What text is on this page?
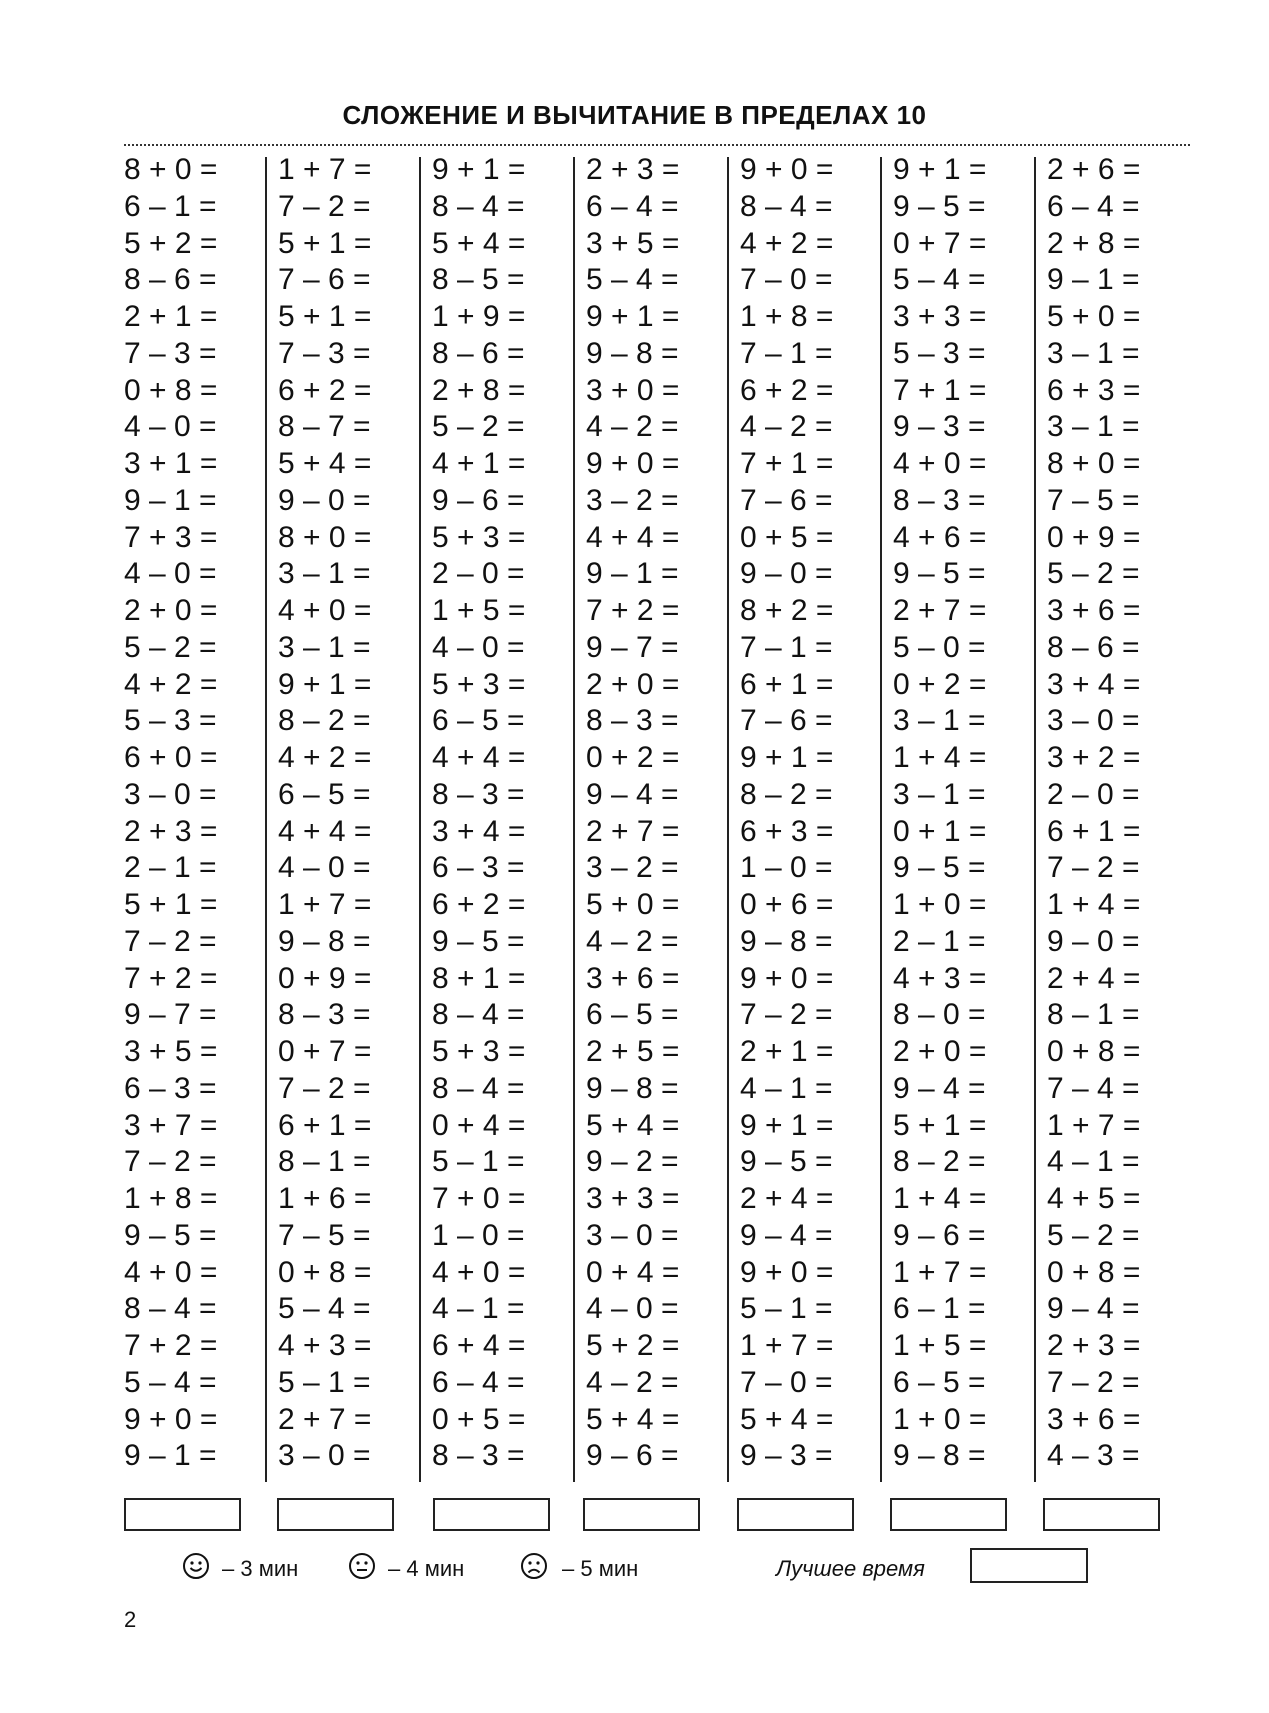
СЛОЖЕНИЕ И ВЫЧИТАНИЕ В ПРЕДЕЛАХ 10
8 + 0 =
6 – 1 =
5 + 2 =
8 – 6 =
2 + 1 =
7 – 3 =
0 + 8 =
4 – 0 =
3 + 1 =
9 – 1 =
7 + 3 =
4 – 0 =
2 + 0 =
5 – 2 =
4 + 2 =
5 – 3 =
6 + 0 =
3 – 0 =
2 + 3 =
2 – 1 =
5 + 1 =
7 – 2 =
7 + 2 =
9 – 7 =
3 + 5 =
6 – 3 =
3 + 7 =
7 – 2 =
1 + 8 =
9 – 5 =
4 + 0 =
8 – 4 =
7 + 2 =
5 – 4 =
9 + 0 =
9 – 1 =
1 + 7 =
7 – 2 =
5 + 1 =
7 – 6 =
5 + 1 =
7 – 3 =
6 + 2 =
8 – 7 =
5 + 4 =
9 – 0 =
8 + 0 =
3 – 1 =
4 + 0 =
3 – 1 =
9 + 1 =
8 – 2 =
4 + 2 =
6 – 5 =
4 + 4 =
4 – 0 =
1 + 7 =
9 – 8 =
0 + 9 =
8 – 3 =
0 + 7 =
7 – 2 =
6 + 1 =
8 – 1 =
1 + 6 =
7 – 5 =
0 + 8 =
5 – 4 =
4 + 3 =
5 – 1 =
2 + 7 =
3 – 0 =
9 + 1 =
8 – 4 =
5 + 4 =
8 – 5 =
1 + 9 =
8 – 6 =
2 + 8 =
5 – 2 =
4 + 1 =
9 – 6 =
5 + 3 =
2 – 0 =
1 + 5 =
4 – 0 =
5 + 3 =
6 – 5 =
4 + 4 =
8 – 3 =
3 + 4 =
6 – 3 =
6 + 2 =
9 – 5 =
8 + 1 =
8 – 4 =
5 + 3 =
8 – 4 =
0 + 4 =
5 – 1 =
7 + 0 =
1 – 0 =
4 + 0 =
4 – 1 =
6 + 4 =
6 – 4 =
0 + 5 =
8 – 3 =
2 + 3 =
6 – 4 =
3 + 5 =
5 – 4 =
9 + 1 =
9 – 8 =
3 + 0 =
4 – 2 =
9 + 0 =
3 – 2 =
4 + 4 =
9 – 1 =
7 + 2 =
9 – 7 =
2 + 0 =
8 – 3 =
0 + 2 =
9 – 4 =
2 + 7 =
3 – 2 =
5 + 0 =
4 – 2 =
3 + 6 =
6 – 5 =
2 + 5 =
9 – 8 =
5 + 4 =
9 – 2 =
3 + 3 =
3 – 0 =
0 + 4 =
4 – 0 =
5 + 2 =
4 – 2 =
5 + 4 =
9 – 6 =
9 + 0 =
8 – 4 =
4 + 2 =
7 – 0 =
1 + 8 =
7 – 1 =
6 + 2 =
4 – 2 =
7 + 1 =
7 – 6 =
0 + 5 =
9 – 0 =
8 + 2 =
7 – 1 =
6 + 1 =
7 – 6 =
9 + 1 =
8 – 2 =
6 + 3 =
1 – 0 =
0 + 6 =
9 – 8 =
9 + 0 =
7 – 2 =
2 + 1 =
4 – 1 =
9 + 1 =
9 – 5 =
2 + 4 =
9 – 4 =
9 + 0 =
5 – 1 =
1 + 7 =
7 – 0 =
5 + 4 =
9 – 3 =
9 + 1 =
9 – 5 =
0 + 7 =
5 – 4 =
3 + 3 =
5 – 3 =
7 + 1 =
9 – 3 =
4 + 0 =
8 – 3 =
4 + 6 =
9 – 5 =
2 + 7 =
5 – 0 =
0 + 2 =
3 – 1 =
1 + 4 =
3 – 1 =
0 + 1 =
9 – 5 =
1 + 0 =
2 – 1 =
4 + 3 =
8 – 0 =
2 + 0 =
9 – 4 =
5 + 1 =
8 – 2 =
1 + 4 =
9 – 6 =
1 + 7 =
6 – 1 =
1 + 5 =
6 – 5 =
1 + 0 =
9 – 8 =
2 + 6 =
6 – 4 =
2 + 8 =
9 – 1 =
5 + 0 =
3 – 1 =
6 + 3 =
3 – 1 =
8 + 0 =
7 – 5 =
0 + 9 =
5 – 2 =
3 + 6 =
8 – 6 =
3 + 4 =
3 – 0 =
3 + 2 =
2 – 0 =
6 + 1 =
7 – 2 =
1 + 4 =
9 – 0 =
2 + 4 =
8 – 1 =
0 + 8 =
7 – 4 =
1 + 7 =
4 – 1 =
4 + 5 =
5 – 2 =
0 + 8 =
9 – 4 =
2 + 3 =
7 – 2 =
3 + 6 =
4 – 3 =
– 3 мин	– 4 мин	– 5 мин	Лучшее время
2
